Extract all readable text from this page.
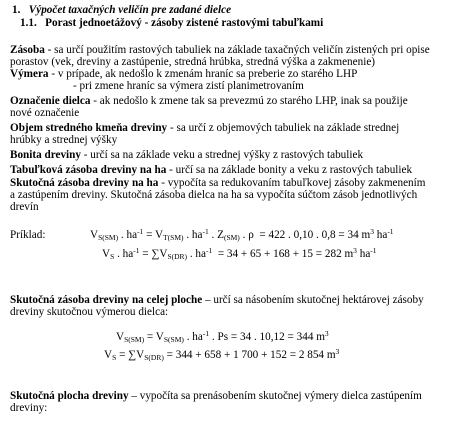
1. Výpočet taxačných veličín pre zadané dielce
1.1. Porast jednoetážový - zásoby zistené rastovými tabuľkami
Zásoba - sa určí použitím rastových tabuliek na základe taxačných veličín zistených pri opise
porastov (vek, dreviny a zastúpenie, stredná hrúbka, stredná výška a zakmenenie)
Výmera - v prípade, ak nedošlo k zmenám hraníc sa preberie zo starého LHP
- pri zmene hraníc sa výmera zistí planimetrovaním
Označenie dielca - ak nedošlo k zmene tak sa prevezmú zo starého LHP, inak sa použije
nové označenie
Objem stredného kmeňa dreviny - sa určí z objemových tabuliek na základe strednej
hrúbky a strednej výšky
Bonita dreviny - určí sa na základe veku a strednej výšky z rastových tabuliek
Tabuľková zásoba dreviny na ha - určí sa na základe bonity a veku z rastových tabuliek
Skutočná zásoba dreviny na ha - vypočíta sa redukovaním tabuľkovej zásoby zakmenením
a zastúpením dreviny. Skutočná zásoba dielca na ha sa vypočíta súčtom zásob jednotlivých
drevín
Príklad:	$V_{S(SM)}$ . $ha^{-1} = V_{T(SM)}$ . $ha^{-1}$ . $Z_{(SM)}$ . ρ  = 422 . 0,10 . 0,8 = 34 $m^3$ $ha^{-1}$
$V_S$ . $ha^{-1} = \sum V_{S(DR)}$ . $ha^{-1} = 34 + 65 + 168 + 15 = 282$ $m^3$ $ha^{-1}$
Skutočná zásoba dreviny na celej ploche – určí sa násobením skutočnej hektárovej zásoby
dreviny skutočnou výmerou dielca:
$V_{S(SM)} = V_{S(SM)}$ . $ha^{-1}$ . Ps = 34 . 10,12 = 344 $m^3$
$V_S = \sum V_{S(DR)} = 344 + 658 + 1$ 700 + 152 = 2 854 $m^3$
Skutočná plocha dreviny – vypočíta sa prenásobením skutočnej výmery dielca zastúpením
dreviny:
